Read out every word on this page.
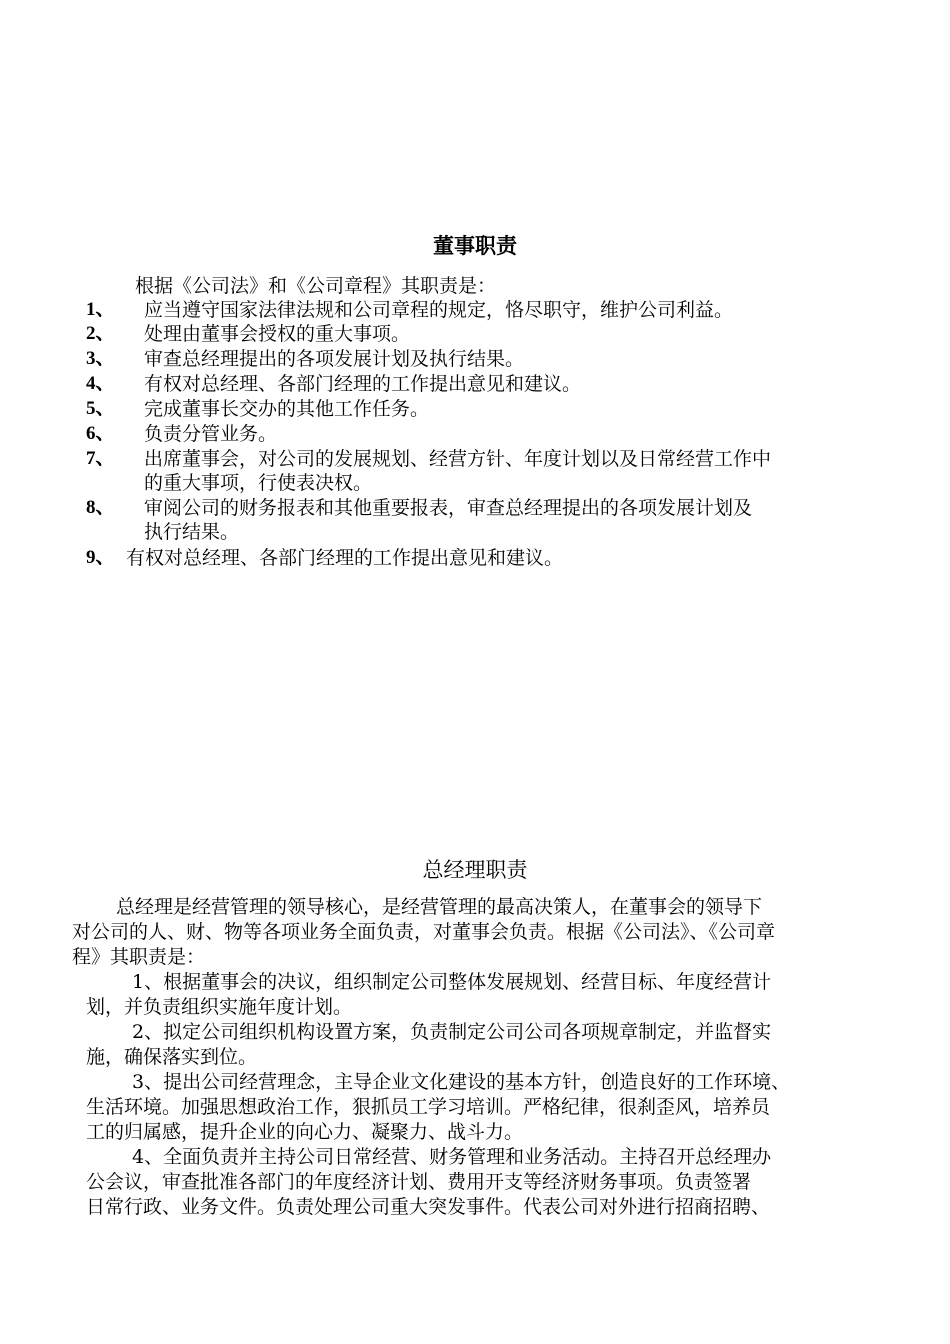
董事职责
根据《公司法》和《公司章程》其职责是：
1、 应当遵守国家法律法规和公司章程的规定，恪尽职守，维护公司利益。
2、 处理由董事会授权的重大事项。
3、 审查总经理提出的各项发展计划及执行结果。
4、 有权对总经理、各部门经理的工作提出意见和建议。
5、 完成董事长交办的其他工作任务。
6、 负责分管业务。
7、 出席董事会，对公司的发展规划、经营方针、年度计划以及日常经营工作中
的重大事项，行使表决权。
8、 审阅公司的财务报表和其他重要报表，审查总经理提出的各项发展计划及
执行结果。
9、 有权对总经理、各部门经理的工作提出意见和建议。
总经理职责
总经理是经营管理的领导核心，是经营管理的最高决策人，在董事会的领导下
对公司的人、财、物等各项业务全面负责，对董事会负责。根据《公司法》、《公司章
程》其职责是：
1、根据董事会的决议，组织制定公司整体发展规划、经营目标、年度经营计
划，并负责组织实施年度计划。
2、拟定公司组织机构设置方案，负责制定公司公司各项规章制定，并监督实
施，确保落实到位。
3、提出公司经营理念，主导企业文化建设的基本方针，创造良好的工作环境、
生活环境。加强思想政治工作，狠抓员工学习培训。严格纪律，很刹歪风，培养员
工的归属感，提升企业的向心力、凝聚力、战斗力。
4、全面负责并主持公司日常经营、财务管理和业务活动。主持召开总经理办
公会议，审查批准各部门的年度经济计划、费用开支等经济财务事项。负责签署
日常行政、业务文件。负责处理公司重大突发事件。代表公司对外进行招商招聘、
